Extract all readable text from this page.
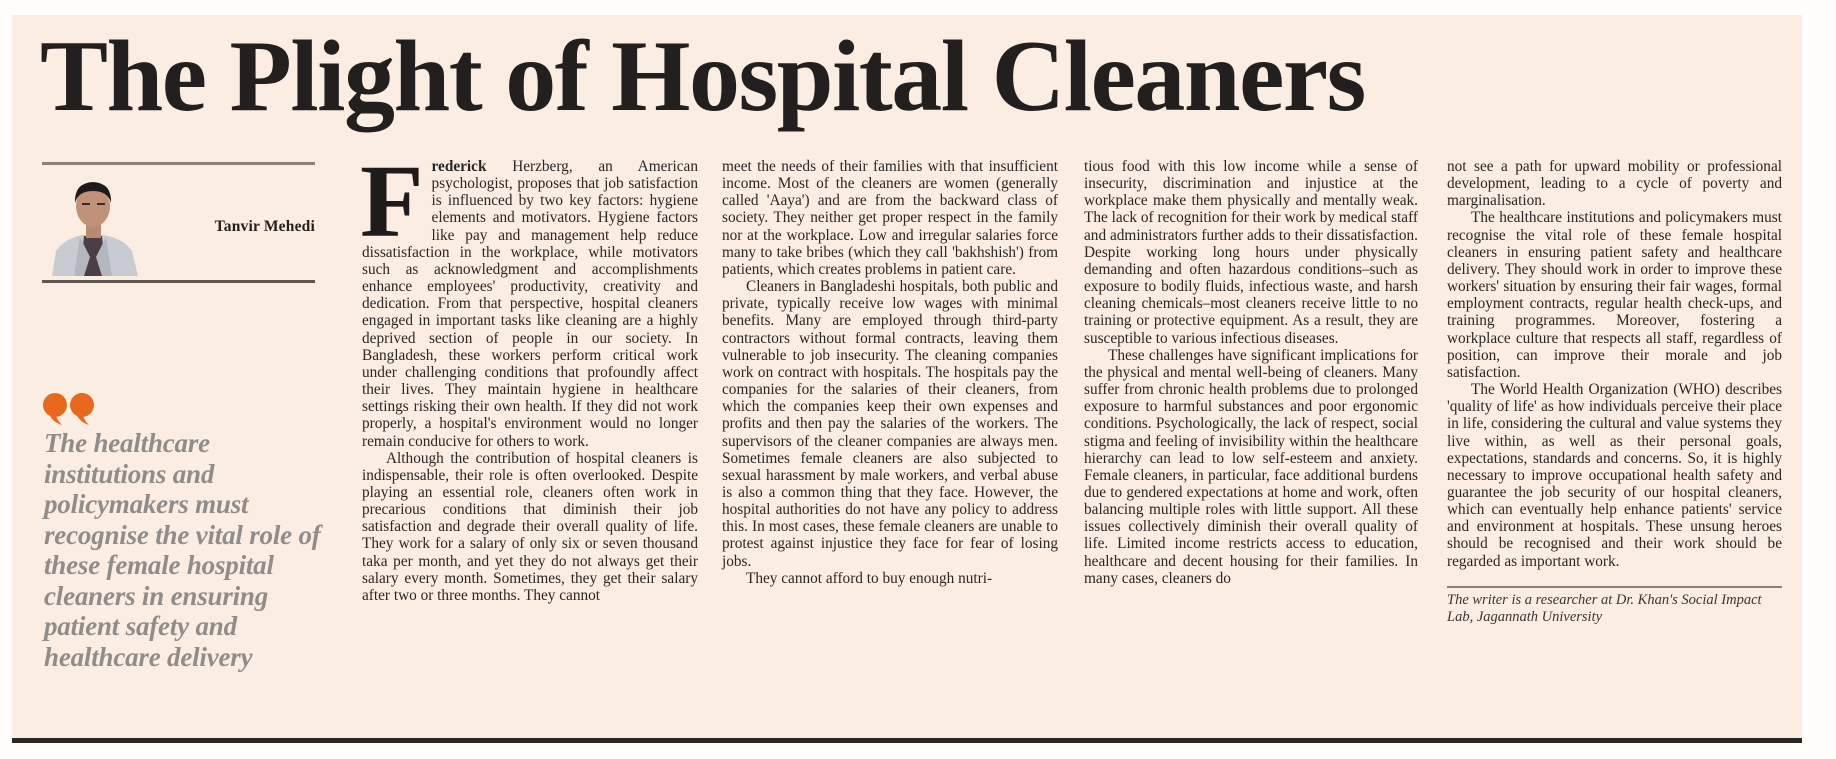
The Plight of Hospital Cleaners
Tanvir Mehedi

The healthcare institutions and policymakers must recognise the vital role of these female hospital cleaners in ensuring patient safety and healthcare delivery

Frederick Herzberg, an American psychologist, proposes that job satisfaction is influenced by two key factors: hygiene elements and motivators. Hygiene factors like pay and management help reduce dissatisfaction in the workplace, while motivators such as acknowledgment and accomplishments enhance employees' productivity, creativity and dedication. From that perspective, hospital cleaners engaged in important tasks like cleaning are a highly deprived section of people in our society. In Bangladesh, these workers perform critical work under challenging conditions that profoundly affect their lives. They maintain hygiene in healthcare settings risking their own health. If they did not work properly, a hospital's environment would no longer remain conducive for others to work.

Although the contribution of hospital cleaners is indispensable, their role is often overlooked. Despite playing an essential role, cleaners often work in precarious conditions that diminish their job satisfaction and degrade their overall quality of life. They work for a salary of only six or seven thousand taka per month, and yet they do not always get their salary every month. Sometimes, they get their salary after two or three months. They cannot

meet the needs of their families with that insufficient income. Most of the cleaners are women (generally called 'Aaya') and are from the backward class of society. They neither get proper respect in the family nor at the workplace. Low and irregular salaries force many to take bribes (which they call 'bakhshish') from patients, which creates problems in patient care.

Cleaners in Bangladeshi hospitals, both public and private, typically receive low wages with minimal benefits. Many are employed through third-party contractors without formal contracts, leaving them vulnerable to job insecurity. The cleaning companies work on contract with hospitals. The hospitals pay the companies for the salaries of their cleaners, from which the companies keep their own expenses and profits and then pay the salaries of the workers. The supervisors of the cleaner companies are always men. Sometimes female cleaners are also subjected to sexual harassment by male workers, and verbal abuse is also a common thing that they face. However, the hospital authorities do not have any policy to address this. In most cases, these female cleaners are unable to protest against injustice they face for fear of losing jobs.

They cannot afford to buy enough nutri-

tious food with this low income while a sense of insecurity, discrimination and injustice at the workplace make them physically and mentally weak. The lack of recognition for their work by medical staff and administrators further adds to their dissatisfaction. Despite working long hours under physically demanding and often hazardous conditions–such as exposure to bodily fluids, infectious waste, and harsh cleaning chemicals–most cleaners receive little to no training or protective equipment. As a result, they are susceptible to various infectious diseases.

These challenges have significant implications for the physical and mental well-being of cleaners. Many suffer from chronic health problems due to prolonged exposure to harmful substances and poor ergonomic conditions. Psychologically, the lack of respect, social stigma and feeling of invisibility within the healthcare hierarchy can lead to low self-esteem and anxiety. Female cleaners, in particular, face additional burdens due to gendered expectations at home and work, often balancing multiple roles with little support. All these issues collectively diminish their overall quality of life. Limited income restricts access to education, healthcare and decent housing for their families. In many cases, cleaners do

not see a path for upward mobility or professional development, leading to a cycle of poverty and marginalisation.

The healthcare institutions and policymakers must recognise the vital role of these female hospital cleaners in ensuring patient safety and healthcare delivery. They should work in order to improve these workers' situation by ensuring their fair wages, formal employment contracts, regular health check-ups, and training programmes. Moreover, fostering a workplace culture that respects all staff, regardless of position, can improve their morale and job satisfaction.

The World Health Organization (WHO) describes 'quality of life' as how individuals perceive their place in life, considering the cultural and value systems they live within, as well as their personal goals, expectations, standards and concerns. So, it is highly necessary to improve occupational health safety and guarantee the job security of our hospital cleaners, which can eventually help enhance patients' service and environment at hospitals. These unsung heroes should be recognised and their work should be regarded as important work.

The writer is a researcher at Dr. Khan's Social Impact Lab, Jagannath University
